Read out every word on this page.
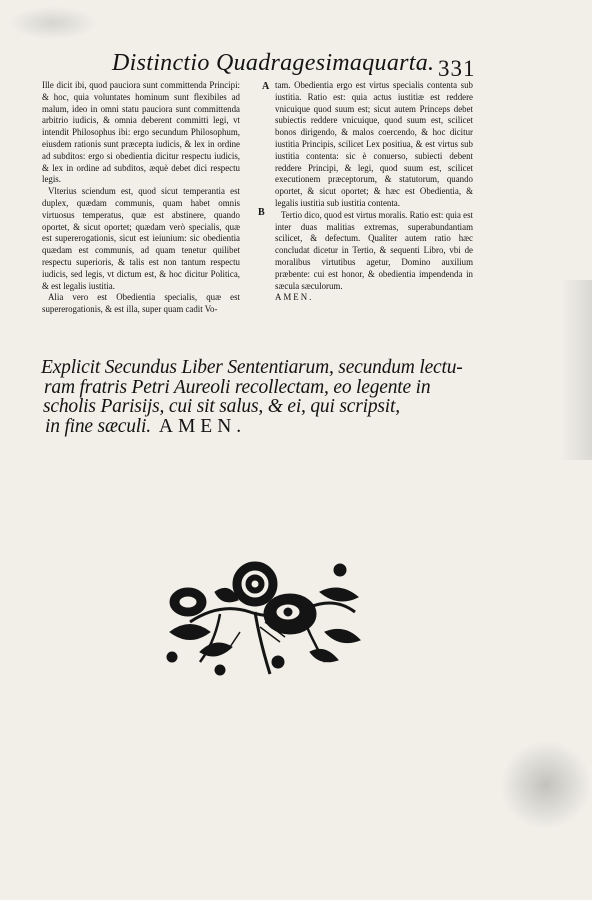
Distinctio Quadragesimaquarta. 331
A
B

Ille dicit ibi, quod pauciora sunt committenda Principi: & hoc, quia voluntates hominum sunt flexibiles ad malum, ideo in omni statu pauciora sunt committenda arbitrio iudicis, & omnia deberent committi legi, vt intendit Philosophus ibi: ergo secundum Philosophum, eiusdem rationis sunt præcepta iudicis, & lex in ordine ad subditos: ergo si obedientia dicitur respectu iudicis, & lex in ordine ad subditos, æquè debet dici respectu legis.

Vlterius sciendum est, quod sicut temperantia est duplex, quædam communis, quam habet omnis virtuosus temperatus, quæ est abstinere, quando oportet, & sicut oportet; quædam verò specialis, quæ est supererogationis, sicut est ieiunium: sic obedientia quædam est communis, ad quam tenetur quilibet respectu superioris, & talis est non tantum respectu iudicis, sed legis, vt dictum est, & hoc dicitur Politica, & est legalis iustitia.

Alia vero est Obedientia specialis, quæ est supererogationis, & est illa, super quam cadit Vo-

tam. Obedientia ergo est virtus specialis contenta sub iustitia. Ratio est: quia actus iustitiæ est reddere vnicuique quod suum est; sicut autem Princeps debet subiectis reddere vnicuique, quod suum est, scilicet bonos dirigendo, & malos coercendo, & hoc dicitur iustitia Principis, scilicet Lex positiua, & est virtus sub iustitia contenta: sic è conuerso, subiecti debent reddere Principi, & legi, quod suum est, scilicet executionem præceptorum, & statutorum, quando oportet, & sicut oportet; & hæc est Obedientia, & legalis iustitia sub iustitia contenta.

Tertio dico, quod est virtus moralis. Ratio est: quia est inter duas malitias extremas, superabundantiam scilicet, & defectum. Qualiter autem ratio hæc concludat dicetur in Tertio, & sequenti Libro, vbi de moralibus virtutibus agetur, Domino auxilium præbente: cui est honor, & obedientia impendenda in sæcula sæculorum.

AMEN.

Explicit Secundus Liber Sententiarum, secundum lectu-
ram fratris Petri Aureoli recollectam, eo legente in
scholis Parisijs, cui sit salus, & ei, qui scripsit,
in fine sæculi. AMEN.
